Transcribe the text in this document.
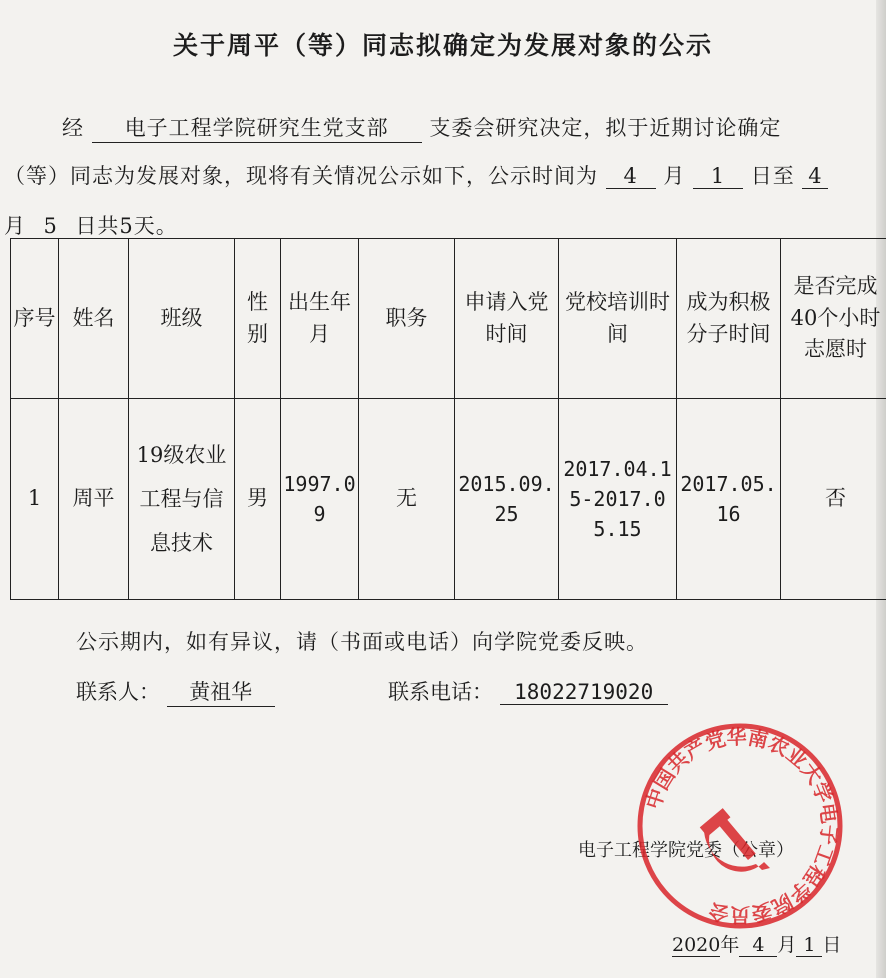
关于周平（等）同志拟确定为发展对象的公示
经 电子工程学院研究生党支部 支委会研究决定，拟于近期讨论确定
（等）同志为发展对象，现将有关情况公示如下，公示时间为 4 月 1 日至 4
月 5 日共5天。
序号	姓名	班级	性别	出生年月	职务	申请入党时间	党校培训时间	成为积极分子时间	是否完成40个小时志愿时
1	周平	19级农业工程与信息技术	男	1997.09	无	2015.09.25	2017.04.15-2017.05.15	2017.05.16	否
公示期内，如有异议，请（书面或电话）向学院党委反映。
联系人： 黄祖华	联系电话： 18022719020
电子工程学院党委（公章）
2020年 4 月 1 日
中国共产党华南农业大学电子工程学院委员会
